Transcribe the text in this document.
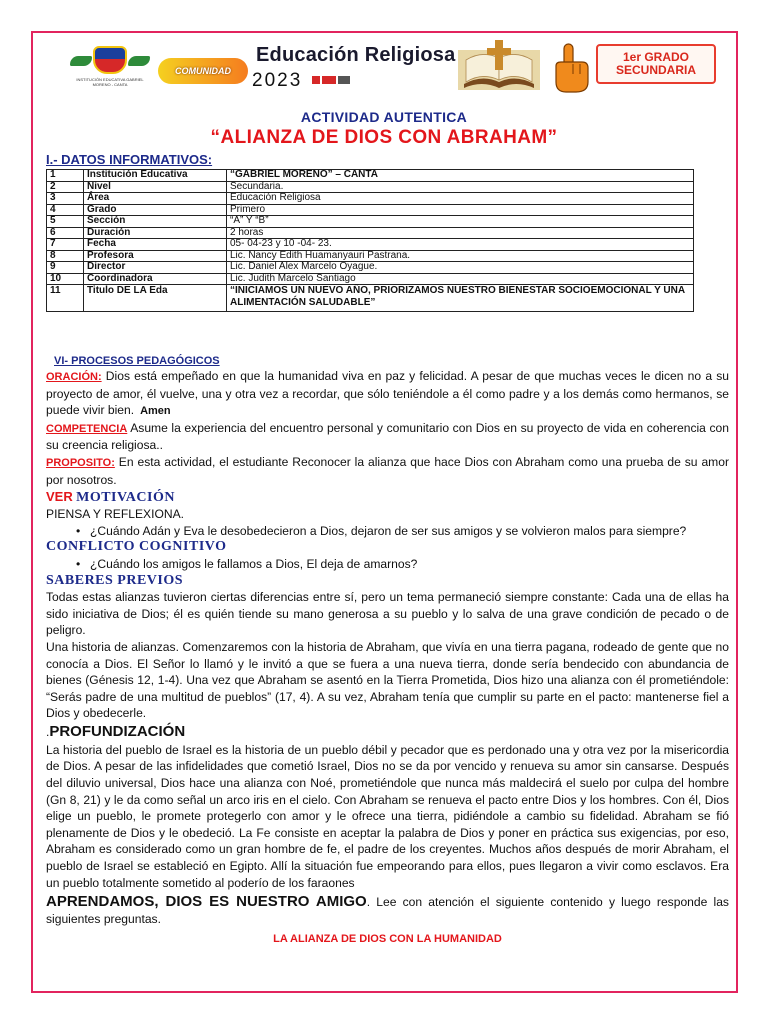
INSTITUCIÓN EDUCATIVA GABRIEL MORENO - CANTA
COMUNIDAD
Educación Religiosa
2023
1er GRADO
SECUNDARIA
ACTIVIDAD AUTENTICA
“ALIANZA DE DIOS CON ABRAHAM”
I.- DATOS INFORMATIVOS:
1	Institución Educativa	“GABRIEL MORENO” – CANTA
2	Nivel	Secundaria.
3	Área	Educación Religiosa
4	Grado	Primero
5	Sección	“A” Y “B”
6	Duración	2 horas
7	Fecha	05- 04-23 y 10 -04- 23.
8	Profesora	Lic. Nancy Edith Huamanyauri Pastrana.
9	Director	Lic. Daniel Alex Marcelo Oyague.
10	Coordinadora	Lic. Judith Marcelo Santiago
11	Titulo DE LA Eda	“INICIAMOS UN NUEVO AÑO, PRIORIZAMOS NUESTRO BIENESTAR SOCIOEMOCIONAL Y UNA ALIMENTACIÓN SALUDABLE”
VI- PROCESOS PEDAGÓGICOS

ORACIÓN: Dios está empeñado en que la humanidad viva en paz y felicidad. A pesar de que muchas veces le dicen no a su proyecto de amor, él vuelve, una y otra vez a recordar, que sólo teniéndole a él como padre y a los demás como hermanos, se puede vivir bien. Amen

COMPETENCIA Asume la experiencia del encuentro personal y comunitario con Dios en su proyecto de vida en coherencia con su creencia religiosa..

PROPOSITO: En esta actividad, el estudiante Reconocer la alianza que hace Dios con Abraham como una prueba de su amor por nosotros.

VER MOTIVACIÓN
PIENSA Y REFLEXIONA.
• ¿Cuándo Adán y Eva le desobedecieron a Dios, dejaron de ser sus amigos y se volvieron malos para siempre?
CONFLICTO COGNITIVO
• ¿Cuándo los amigos le fallamos a Dios, El deja de amarnos?
SABERES PREVIOS

Todas estas alianzas tuvieron ciertas diferencias entre sí, pero un tema permaneció siempre constante: Cada una de ellas ha sido iniciativa de Dios; él es quién tiende su mano generosa a su pueblo y lo salva de una grave condición de pecado o de peligro.

Una historia de alianzas. Comenzaremos con la historia de Abraham, que vivía en una tierra pagana, rodeado de gente que no conocía a Dios. El Señor lo llamó y le invitó a que se fuera a una nueva tierra, donde sería bendecido con abundancia de bienes (Génesis 12, 1-4). Una vez que Abraham se asentó en la Tierra Prometida, Dios hizo una alianza con él prometiéndole: “Serás padre de una multitud de pueblos” (17, 4). A su vez, Abraham tenía que cumplir su parte en el pacto: mantenerse fiel a Dios y obedecerle.

.PROFUNDIZACIÓN

La historia del pueblo de Israel es la historia de un pueblo débil y pecador que es perdonado una y otra vez por la misericordia de Dios. A pesar de las infidelidades que cometió Israel, Dios no se da por vencido y renueva su amor sin cansarse. Después del diluvio universal, Dios hace una alianza con Noé, prometiéndole que nunca más maldecirá el suelo por culpa del hombre (Gn 8, 21) y le da como señal un arco iris en el cielo. Con Abraham se renueva el pacto entre Dios y los hombres. Con él, Dios elige un pueblo, le promete protegerlo con amor y le ofrece una tierra, pidiéndole a cambio su fidelidad. Abraham se fió plenamente de Dios y le obedeció. La Fe consiste en aceptar la palabra de Dios y poner en práctica sus exigencias, por eso, Abraham es considerado como un gran hombre de fe, el padre de los creyentes. Muchos años después de morir Abraham, el pueblo de Israel se estableció en Egipto. Allí la situación fue empeorando para ellos, pues llegaron a vivir como esclavos. Era un pueblo totalmente sometido al poderío de los faraones

APRENDAMOS, DIOS ES NUESTRO AMIGO. Lee con atención el siguiente contenido y luego responde las siguientes preguntas.

LA ALIANZA DE DIOS CON LA HUMANIDAD
